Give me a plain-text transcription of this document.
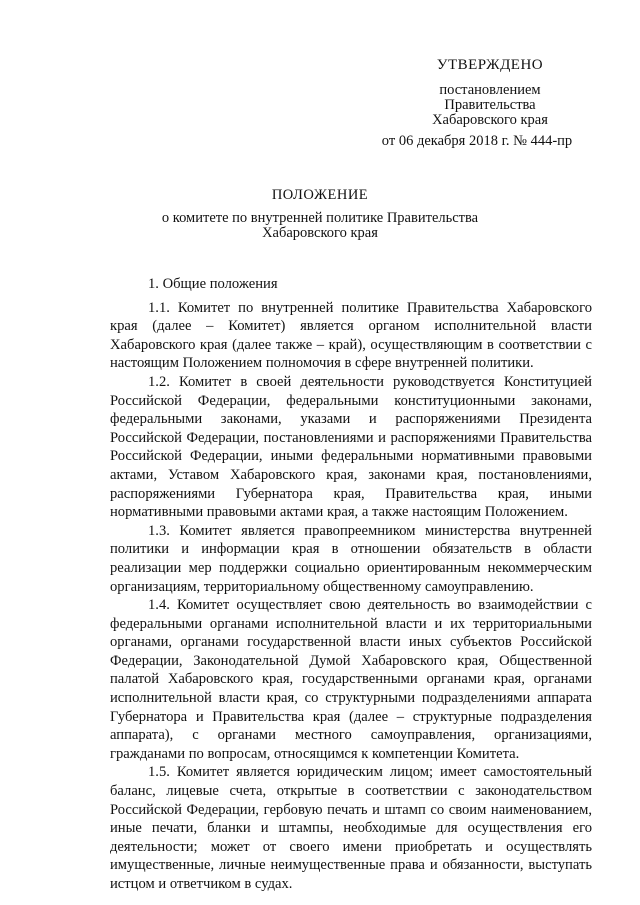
УТВЕРЖДЕНО
постановлением
Правительства
Хабаровского края
от 06 декабря 2018 г. № 444-пр
ПОЛОЖЕНИЕ
о комитете по внутренней политике Правительства
Хабаровского края
1. Общие положения

1.1. Комитет по внутренней политике Правительства Хабаровского края (далее – Комитет) является органом исполнительной власти Хабаровского края (далее также – край), осуществляющим в соответствии с настоящим Положением полномочия в сфере внутренней политики.

1.2. Комитет в своей деятельности руководствуется Конституцией Российской Федерации, федеральными конституционными законами, федеральными законами, указами и распоряжениями Президента Российской Федерации, постановлениями и распоряжениями Правительства Российской Федерации, иными федеральными нормативными правовыми актами, Уставом Хабаровского края, законами края, постановлениями, распоряжениями Губернатора края, Правительства края, иными нормативными правовыми актами края, а также настоящим Положением.

1.3. Комитет является правопреемником министерства внутренней политики и информации края в отношении обязательств в области реализации мер поддержки социально ориентированным некоммерческим организациям, территориальному общественному самоуправлению.

1.4. Комитет осуществляет свою деятельность во взаимодействии с федеральными органами исполнительной власти и их территориальными органами, органами государственной власти иных субъектов Российской Федерации, Законодательной Думой Хабаровского края, Общественной палатой Хабаровского края, государственными органами края, органами исполнительной власти края, со структурными подразделениями аппарата Губернатора и Правительства края (далее – структурные подразделения аппарата), с органами местного самоуправления, организациями, гражданами по вопросам, относящимся к компетенции Комитета.

1.5. Комитет является юридическим лицом; имеет самостоятельный баланс, лицевые счета, открытые в соответствии с законодательством Российской Федерации, гербовую печать и штамп со своим наименованием, иные печати, бланки и штампы, необходимые для осуществления его деятельности; может от своего имени приобретать и осуществлять имущественные, личные неимущественные права и обязанности, выступать истцом и ответчиком в судах.
